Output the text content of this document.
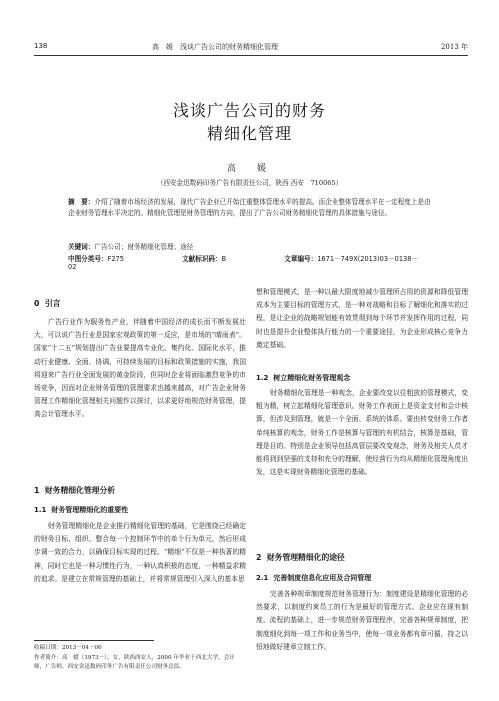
138	高　媛　浅谈广告公司的财务精细化管理	2013 年
浅谈广告公司的财务
精细化管理
高　媛
（西安金迅数码印务广告有限责任公司，陕西 西安　710065）
摘　要：介绍了随着市场经济的发展，现代广告企业已开始注重整体管理水平的提高。而企业整体管理水平在一定程度上是由企业财务管理水平决定的。精细化管理是财务管理的方向，提出了广告公司财务精细化管理的具体措施与途径。
关键词：广告公司；财务精细化管理；途径
中图分类号：F275	文献标识码：B	文章编号：1671－749X(2013)03－0138－02
0 引言
广告行业作为服务性产业，伴随着中国经济的成长而不断发展壮大，可以说广告行业是国家宏观政策的第一反应，是市场的“晴雨表”。国家“十二五”规划提出广告业要提高专业化、集约化、国际化水平，推动行业健康、全面、协调、可持续发展的目标和政策措施的实施，我国将迎来广告行业全面发展的黄金阶段，但同时企业将面临激烈竞争的市场竞争，因而对企业财务管理的管理要求也越来越高，对广告企业财务管理工作精细化管理相关问题作以探讨，以求更好地规范财务管理，提高会计管理水平。
1 财务精细化管理分析
1.1 财务管理精细化的重要性
财务管理精细化是企业推行精细化管理的基础，它是围绕已经确定的财务目标，组织、整合每一个控制环节中的单个行为单元，然后形成步调一致的合力，以确保目标实现的过程。“精细”不仅是一种执著的精神，同时它也是一种习惯性行为，一种认真积极的态度，一种精益求精的追求。是建立在常规管理的基础上，并将常规管理引入深入的基本思
想和管理模式，是一种以最大限度地减少管理所占用的资源和降低管理成本为主要目标的管理方式，是一种对战略和目标了解细化和落实的过程，是让企业的战略规划能有效贯彻到每个环节并发挥作用的过程，同时也是提升企业整体执行能力的一个重要途径，为企业形成核心竞争力奠定基础。
1.2 树立精细化财务管理观念
财务精细化管理是一种观念，企业要改变以往粗放的管理模式，变粗为精，树立起精细化管理意识。财务工作表面上是资金支付和会计核算，但涉及到管理，就是一个全面、系统的体系。要由转变财务工作者单纯核算的观念，财务工作是核算与管理的有机结合，核算是基础，管理是目的。特别是企业领导包括高管层要改变观念，财务及相关人员才能将到到坚强的支持和充分的理解，使经营行为均从精细化管理角度出发，这是实现财务精细化管理的基础。
2 财务管理精细化的途径
2.1 完善制度信息化应用及合同管理
完善各种规章制度规范财务管理行为：制度建设是精细化管理的必然要求，以制度约束员工的行为是最好的管理方式。企业应在现有制度、流程的基础上，进一步规范财务管理程序，完善各种规章制度，把制度细化到每一项工作和业务当中，使每一项业务都有章可循，持之以恒地做好建章立制工作。
收稿日期：2013－04－06
作者简介：高　媛（1973－），女，陕西西安人，2000 年毕业于西北大学，会计师，广告师，西安金迅数码印务广告有限责任公司财务总监。
